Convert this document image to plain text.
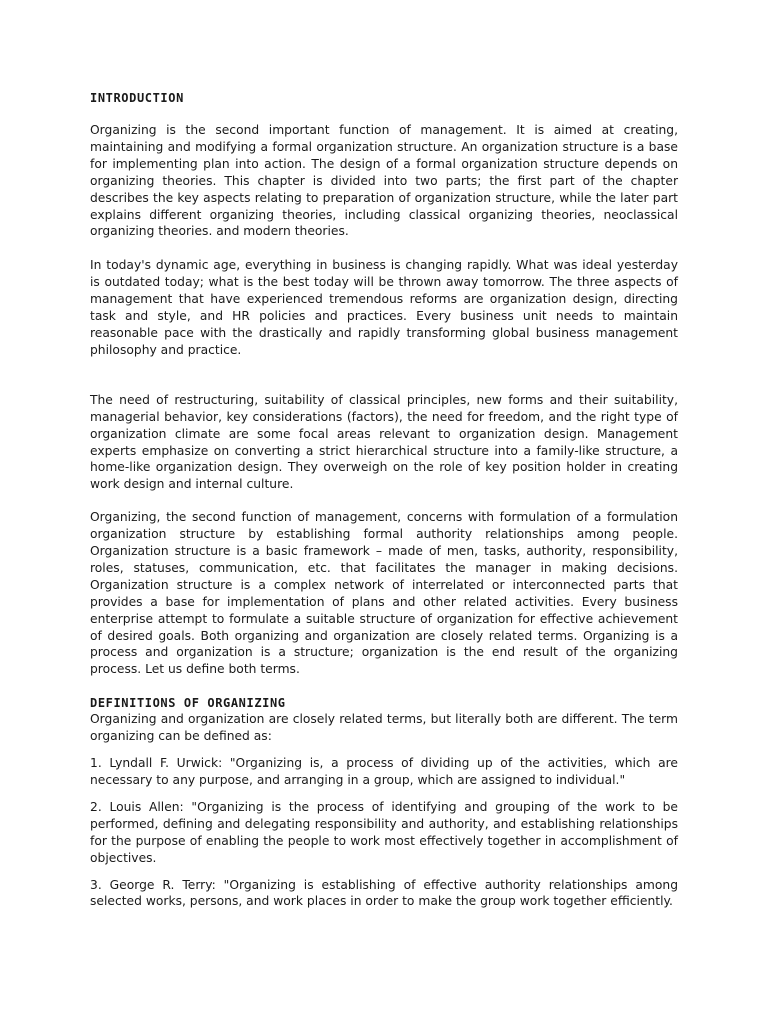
INTRODUCTION

Organizing is the second important function of management. It is aimed at creating, maintaining and modifying a formal organization structure. An organization structure is a base for implementing plan into action. The design of a formal organization structure depends on organizing theories. This chapter is divided into two parts; the first part of the chapter describes the key aspects relating to preparation of organization structure, while the later part explains different organizing theories, including classical organizing theories, neoclassical organizing theories. and modern theories.

In today's dynamic age, everything in business is changing rapidly. What was ideal yesterday is outdated today; what is the best today will be thrown away tomorrow. The three aspects of management that have experienced tremendous reforms are organization design, directing task and style, and HR policies and practices. Every business unit needs to maintain reasonable pace with the drastically and rapidly transforming global business management philosophy and practice.

The need of restructuring, suitability of classical principles, new forms and their suitability, managerial behavior, key considerations (factors), the need for freedom, and the right type of organization climate are some focal areas relevant to organization design. Management experts emphasize on converting a strict hierarchical structure into a family-like structure, a home-like organization design. They overweigh on the role of key position holder in creating work design and internal culture.

Organizing, the second function of management, concerns with formulation of a formulation organization structure by establishing formal authority relationships among people. Organization structure is a basic framework – made of men, tasks, authority, responsibility, roles, statuses, communication, etc. that facilitates the manager in making decisions. Organization structure is a complex network of interrelated or interconnected parts that provides a base for implementation of plans and other related activities. Every business enterprise attempt to formulate a suitable structure of organization for effective achievement of desired goals. Both organizing and organization are closely related terms. Organizing is a process and organization is a structure; organization is the end result of the organizing process. Let us define both terms.

DEFINITIONS OF ORGANIZING

Organizing and organization are closely related terms, but literally both are different. The term organizing can be defined as:

1. Lyndall F. Urwick: "Organizing is, a process of dividing up of the activities, which are necessary to any purpose, and arranging in a group, which are assigned to individual."

2. Louis Allen: "Organizing is the process of identifying and grouping of the work to be performed, defining and delegating responsibility and authority, and establishing relationships for the purpose of enabling the people to work most effectively together in accomplishment of objectives.

3. George R. Terry: "Organizing is establishing of effective authority relationships among selected works, persons, and work places in order to make the group work together efficiently.
